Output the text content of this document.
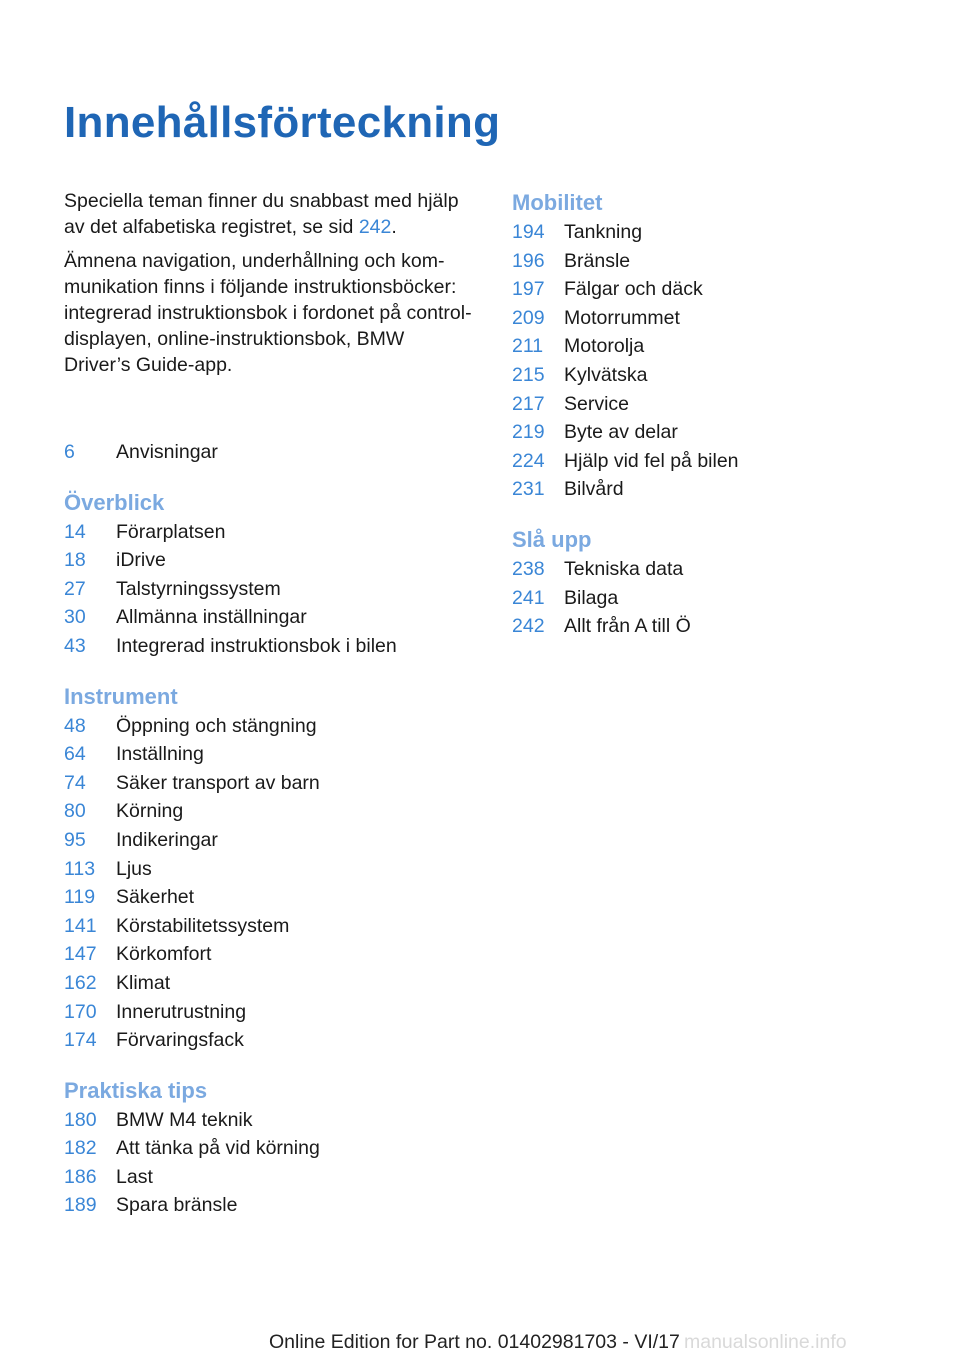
Innehållsförteckning

Speciella teman finner du snabbast med hjälp av det alfabetiska registret, se sid 242.

Ämnena navigation, underhållning och kommunikation finns i följande instruktionsböcker: integrerad instruktionsbok i fordonet på control-displayen, online-instruktionsbok, BMW Driver’s Guide-app.

6	Anvisningar
Överblick
14	Förarplatsen
18	iDrive
27	Talstyrningssystem
30	Allmänna inställningar
43	Integrerad instruktionsbok i bilen
Instrument
48	Öppning och stängning
64	Inställning
74	Säker transport av barn
80	Körning
95	Indikeringar
113	Ljus
119	Säkerhet
141 Körstabilitetssystem
147 Körkomfort
162 Klimat
170 Innerutrustning
174 Förvaringsfack
Praktiska tips
180 BMW M4 teknik
182 Att tänka på vid körning
186 Last
189 Spara bränsle
Mobilitet
194 Tankning
196 Bränsle
197 Fälgar och däck
209 Motorrummet
211	Motorolja
215 Kylvätska
217 Service
219 Byte av delar
224 Hjälp vid fel på bilen
231 Bilvård
Slå upp
238 Tekniska data
241 Bilaga
242 Allt från A till Ö
Online Edition for Part no. 01402981703 - VI/17 manualsonline.info
